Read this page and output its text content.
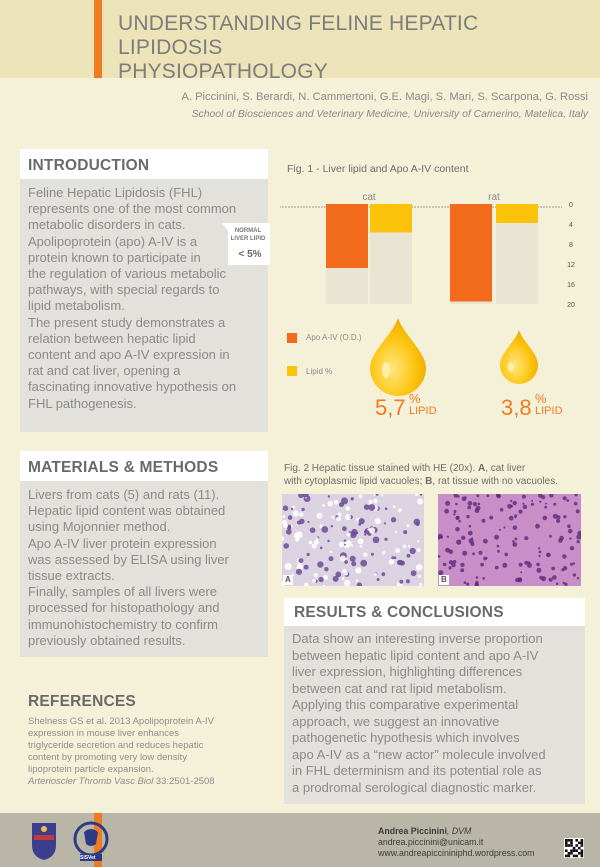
UNDERSTANDING FELINE HEPATIC LIPIDOSIS
PHYSIOPATHOLOGY
A. Piccinini, S. Berardi, N. Cammertoni, G.E. Magi, S. Mari, S. Scarpona, G. Rossi
School of Biosciences and Veterinary Medicine, University of Camerino, Matelica, Italy
INTRODUCTION
Feline Hepatic Lipidosis (FHL)
represents one of the most common
metabolic disorders in cats.
Apolipoprotein (apo) A-IV is a
protein known to participate in
the regulation of various metabolic
pathways, with special regards to
lipid metabolism.
The present study demonstrates a
relation between hepatic lipid
content and apo A-IV expression in
rat and cat liver, opening a
fascinating innovative hypothesis on
FHL pathogenesis.
NORMAL
LIVER LIPID
< 5%
Fig. 1 - Liver lipid and Apo A-IV content
cat	rat
0
4
8
12
16
20
Apo A-IV (O.D.)
Lipid %
5,7 %
LIPID	3,8 %
LIPID
MATERIALS & METHODS
Livers from cats (5) and rats (11).
Hepatic lipid content was obtained
using Mojonnier method.
Apo A-IV liver protein expression
was assessed by ELISA using liver
tissue extracts.
Finally, samples of all livers were
processed for histopathology and
immunohistochemistry to confirm
previously obtained results.
Fig. 2 Hepatic tissue stained with HE (20x). A, cat liver
with cytoplasmic lipid vacuoles; B, rat tissue with no vacuoles.
A	B
RESULTS & CONCLUSIONS
Data show an interesting inverse proportion
between hepatic lipid content and apo A-IV
liver expression, highlighting differences
between cat and rat lipid metabolism.
Applying this comparative experimental
approach, we suggest an innovative
pathogenetic hypothesis which involves
apo A-IV as a “new actor” molecule involved
in FHL determinism and its potential role as
a prodromal serological diagnostic marker.
REFERENCES
Shelness GS et al. 2013 Apolipoprotein A-IV
expression in mouse liver enhances
triglyceride secretion and reduces hepatic
content by promoting very low density
lipoprotein particle expansion.
Arterioscler Thromb Vasc Biol 33:2501-2508
SISVet
Andrea Piccinini, DVM
andrea.piccinini@unicam.it
www.andreapiccininiphd.wordpress.com
